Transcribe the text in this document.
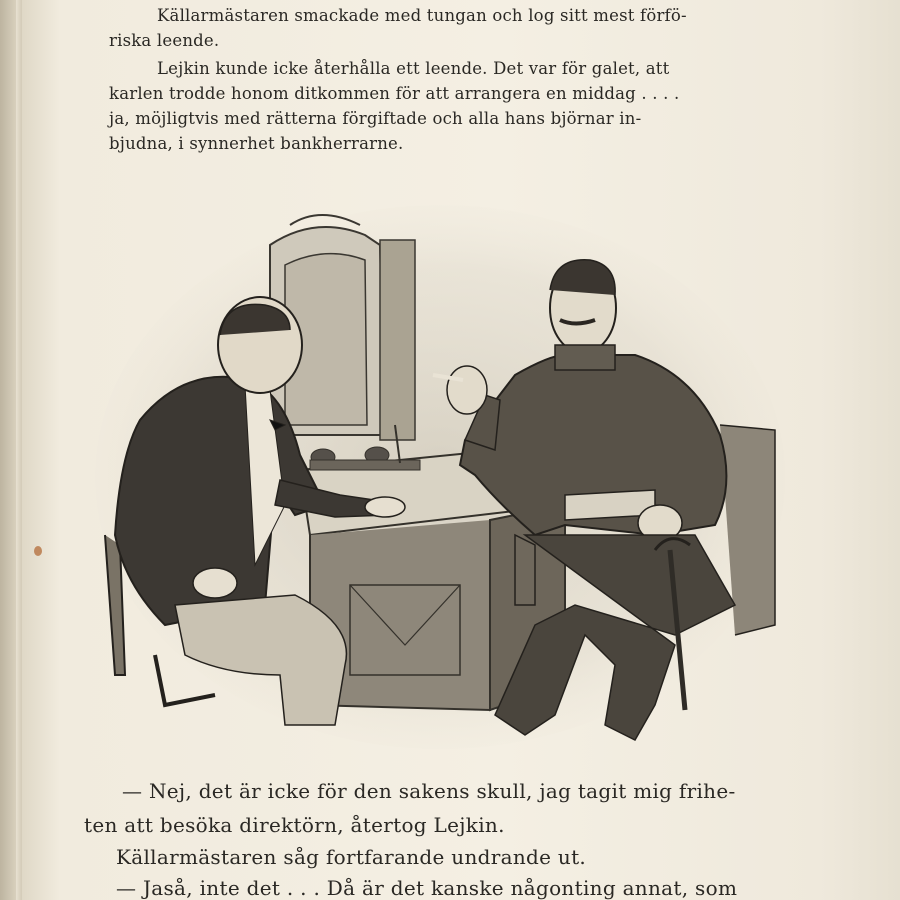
Källarmästaren smackade med tungan och log sitt mest förfö-
riska leende.
Lejkin kunde icke återhålla ett leende. Det var för galet, att
karlen trodde honom ditkommen för att arrangera en middag . . . .
ja, möjligtvis med rätterna förgiftade och alla hans björnar in-
bjudna, i synnerhet bankherrarne.
— Nej, det är icke för den sakens skull, jag tagit mig frihe-
ten att besöka direktörn, återtog Lejkin.
Källarmästaren såg fortfarande undrande ut.
— Jaså, inte det . . . Då är det kanske någonting annat, som
